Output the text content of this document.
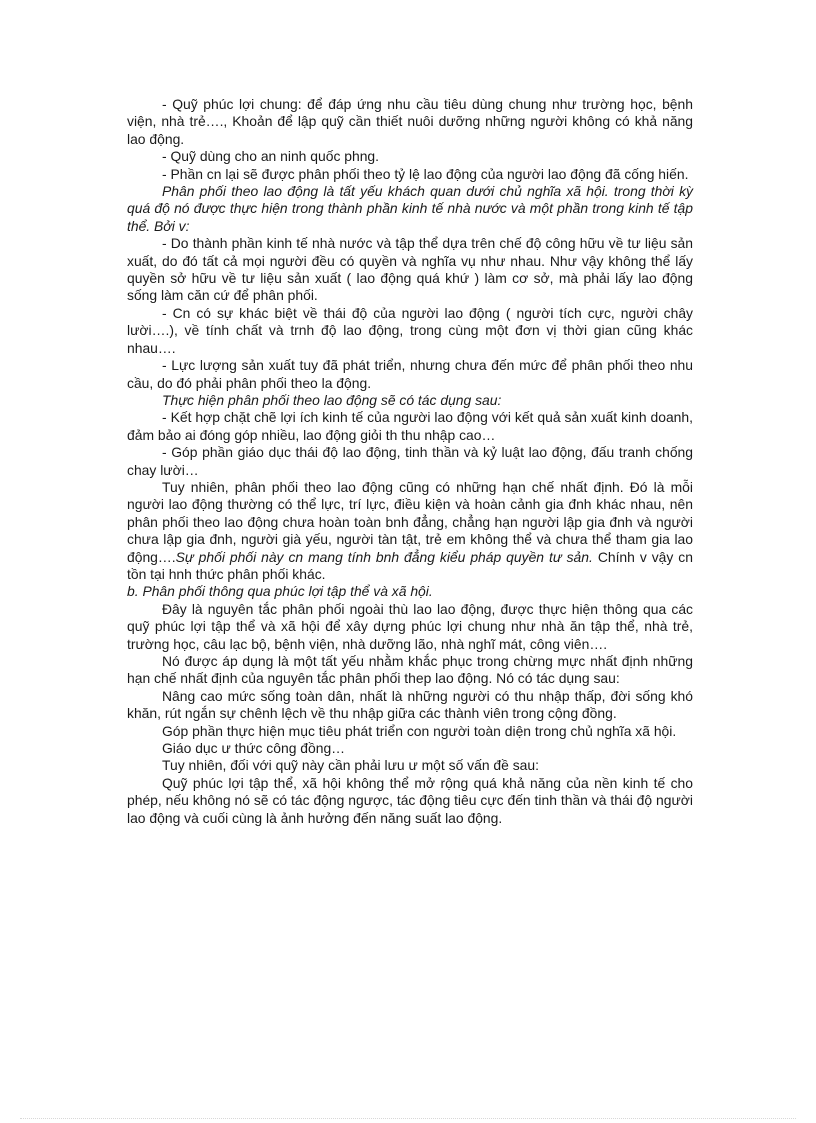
- Quỹ phúc lợi chung: để đáp ứng nhu cầu tiêu dùng chung như trường học, bệnh viện, nhà trẻ…., Khoản để lập quỹ cần thiết nuôi dưỡng những người không có khả năng lao động.

- Quỹ dùng cho an ninh quốc phng.

- Phần cn lại sẽ được phân phối theo tỷ lệ lao động của người lao động đã cống hiến.

Phân phối theo lao động là tất yếu khách quan dưới chủ nghĩa xã hội. trong thời kỳ quá độ nó được thực hiện trong thành phần kinh tế nhà nước và một phần trong kinh tế tập thể. Bởi v:

- Do thành phần kinh tế nhà nước và tập thể dựa trên chế độ công hữu về tư liệu sản xuất, do đó tất cả mọi người đều có quyền và nghĩa vụ như nhau. Như vậy không thể lấy quyền sở hữu về tư liệu sản xuất ( lao động quá khứ ) làm cơ sở, mà phải lấy lao động sống làm căn cứ để phân phối.

- Cn có sự khác biệt về thái độ của người lao động ( người tích cực, người chây lười….), về tính chất và trnh độ lao động, trong cùng một đơn vị thời gian cũng khác nhau….

- Lực lượng sản xuất tuy đã phát triển, nhưng chưa đến mức để phân phối theo nhu cầu, do đó phải phân phối theo la động.

Thực hiện phân phối theo lao động sẽ có tác dụng sau:

- Kết hợp chặt chẽ lợi ích kinh tế của người lao động với kết quả sản xuất kinh doanh, đảm bảo ai đóng góp nhiều, lao động giỏi th thu nhập cao…

- Góp phần giáo dục thái độ lao động, tinh thần và kỷ luật lao động, đấu tranh chống chay lười…

Tuy nhiên, phân phối theo lao động cũng có những hạn chế nhất định. Đó là mỗi người lao động thường có thể lực, trí lực, điều kiện và hoàn cảnh gia đnh khác nhau, nên phân phối theo lao động chưa hoàn toàn bnh đẳng, chẳng hạn người lập gia đnh và người chưa lập gia đnh, người già yếu, người tàn tật, trẻ em không thể và chưa thể tham gia lao động….Sự phối phối này cn mang tính bnh đẳng kiểu pháp quyền tư sản. Chính v vậy cn tồn tại hnh thức phân phối khác.

b. Phân phối thông qua phúc lợi tập thể và xã hội.

Đây là nguyên tắc phân phối ngoài thù lao lao động, được thực hiện thông qua các quỹ phúc lợi tập thể và xã hội để xây dựng phúc lợi chung như nhà ăn tập thể, nhà trẻ, trường học, câu lạc bộ, bệnh viện, nhà dưỡng lão, nhà nghĩ mát, công viên….

Nó được áp dụng là một tất yếu nhằm khắc phục trong chừng mực nhất định những hạn chế nhất định của nguyên tắc phân phối thep lao động. Nó có tác dụng sau:

Nâng cao mức sống toàn dân, nhất là những người có thu nhập thấp, đời sống khó khăn, rút ngắn sự chênh lệch về thu nhập giữa các thành viên trong cộng đồng.

Góp phần thực hiện mục tiêu phát triển con người toàn diện trong chủ nghĩa xã hội.

Giáo dục ư thức công đồng…

Tuy nhiên, đối với quỹ này cần phải lưu ư một số vấn đề sau:

Quỹ phúc lợi tập thể, xã hội không thể mở rộng quá khả năng của nền kinh tế cho phép, nếu không nó sẽ có tác động ngược, tác động tiêu cực đến tinh thần và thái độ người lao động và cuối cùng là ảnh hưởng đến năng suất lao động.
